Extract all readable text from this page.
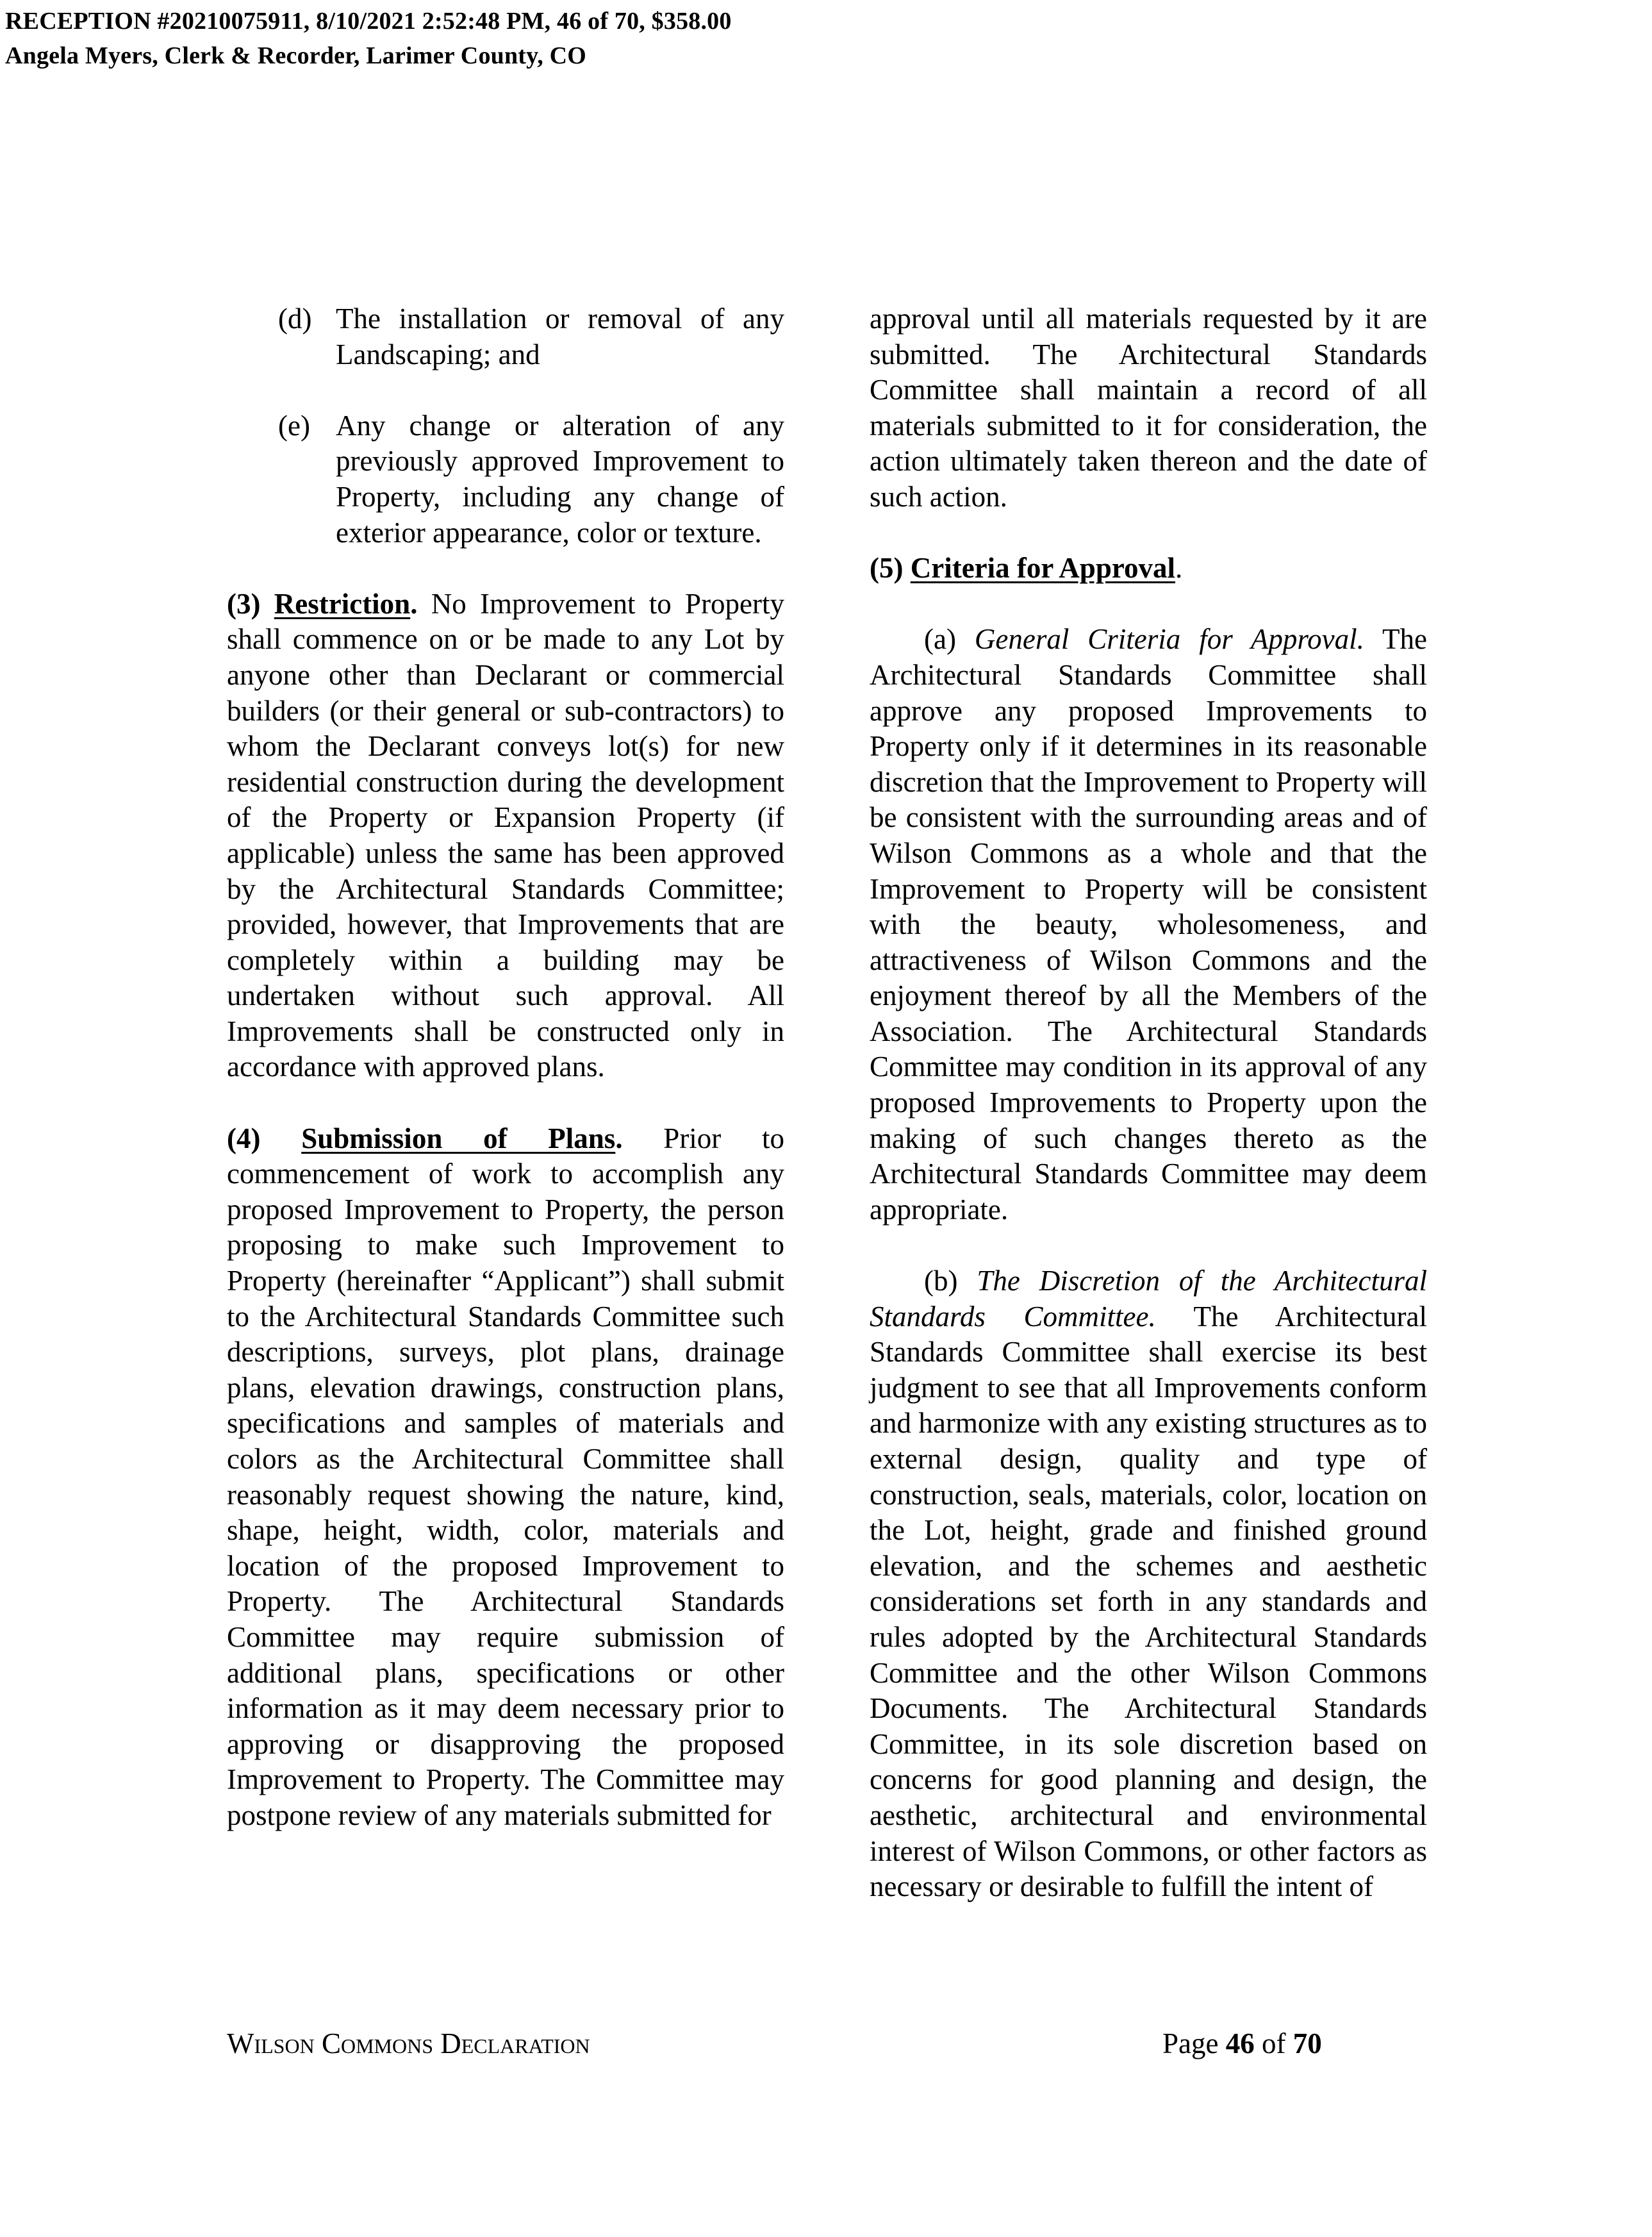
RECEPTION #20210075911, 8/10/2021 2:52:48 PM, 46 of 70, $358.00
Angela Myers, Clerk & Recorder, Larimer County, CO
(d) The installation or removal of any Landscaping; and
(e) Any change or alteration of any previously approved Improvement to Property, including any change of exterior appearance, color or texture.

(3) Restriction. No Improvement to Property shall commence on or be made to any Lot by anyone other than Declarant or commercial builders (or their general or sub-contractors) to whom the Declarant conveys lot(s) for new residential construction during the development of the Property or Expansion Property (if applicable) unless the same has been approved by the Architectural Standards Committee; provided, however, that Improvements that are completely within a building may be undertaken without such approval. All Improvements shall be constructed only in accordance with approved plans.

(4) Submission of Plans. Prior to commencement of work to accomplish any proposed Improvement to Property, the person proposing to make such Improvement to Property (hereinafter “Applicant”) shall submit to the Architectural Standards Committee such descriptions, surveys, plot plans, drainage plans, elevation drawings, construction plans, specifications and samples of materials and colors as the Architectural Committee shall reasonably request showing the nature, kind, shape, height, width, color, materials and location of the proposed Improvement to Property. The Architectural Standards Committee may require submission of additional plans, specifications or other information as it may deem necessary prior to approving or disapproving the proposed Improvement to Property. The Committee may postpone review of any materials submitted for

approval until all materials requested by it are submitted. The Architectural Standards Committee shall maintain a record of all materials submitted to it for consideration, the action ultimately taken thereon and the date of such action.

(5) Criteria for Approval.

(a) General Criteria for Approval. The Architectural Standards Committee shall approve any proposed Improvements to Property only if it determines in its reasonable discretion that the Improvement to Property will be consistent with the surrounding areas and of Wilson Commons as a whole and that the Improvement to Property will be consistent with the beauty, wholesomeness, and attractiveness of Wilson Commons and the enjoyment thereof by all the Members of the Association. The Architectural Standards Committee may condition in its approval of any proposed Improvements to Property upon the making of such changes thereto as the Architectural Standards Committee may deem appropriate.

(b) The Discretion of the Architectural Standards Committee. The Architectural Standards Committee shall exercise its best judgment to see that all Improvements conform and harmonize with any existing structures as to external design, quality and type of construction, seals, materials, color, location on the Lot, height, grade and finished ground elevation, and the schemes and aesthetic considerations set forth in any standards and rules adopted by the Architectural Standards Committee and the other Wilson Commons Documents. The Architectural Standards Committee, in its sole discretion based on concerns for good planning and design, the aesthetic, architectural and environmental interest of Wilson Commons, or other factors as necessary or desirable to fulfill the intent of

Wilson Commons Declaration	Page 46 of 70
